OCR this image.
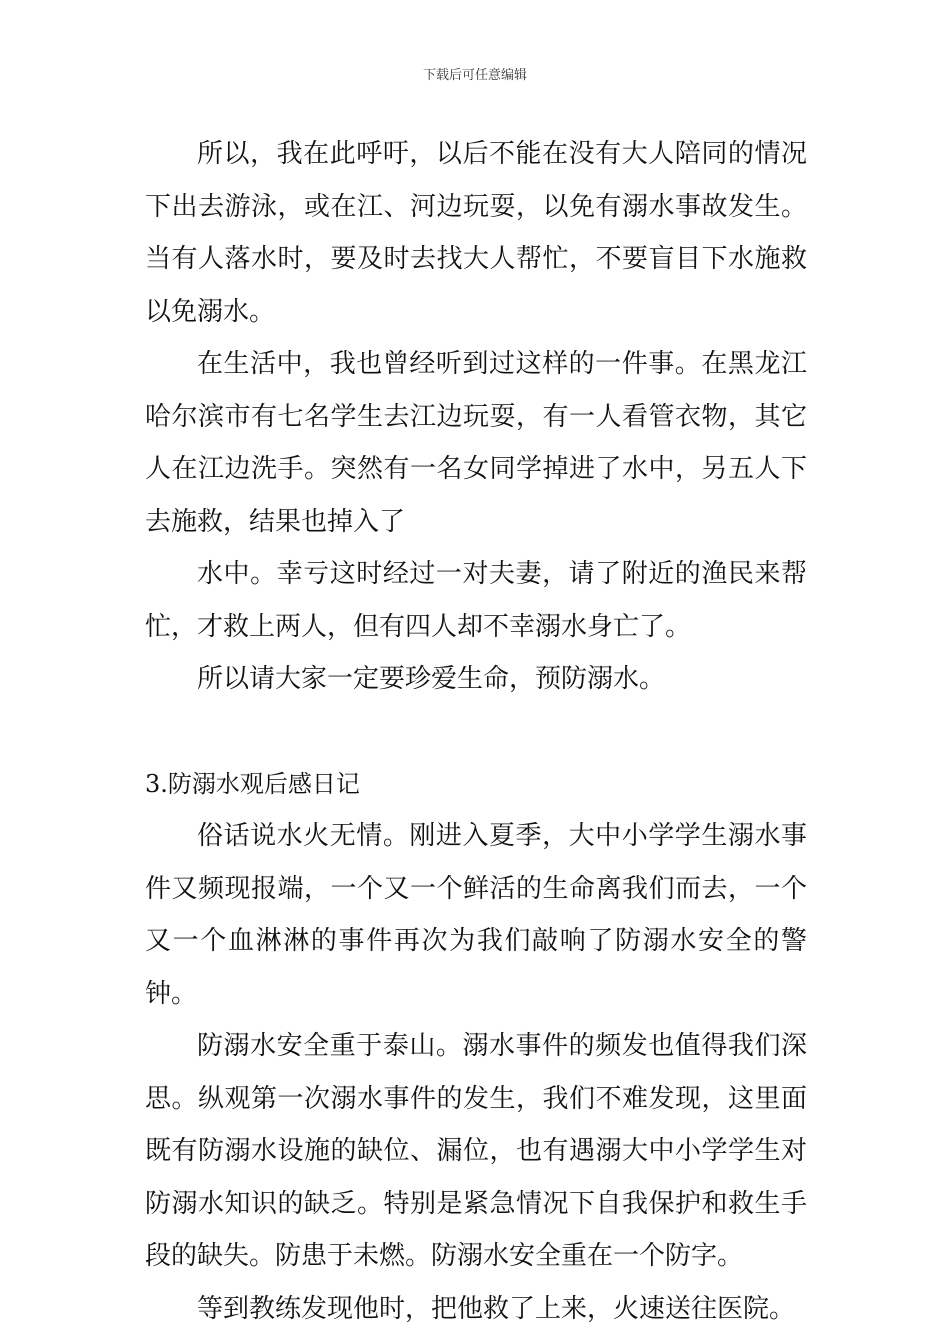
下载后可任意编辑

所以，我在此呼吁，以后不能在没有大人陪同的情况下出去游泳，或在江、河边玩耍，以免有溺水事故发生。当有人落水时，要及时去找大人帮忙，不要盲目下水施救以免溺水。

在生活中，我也曾经听到过这样的一件事。在黑龙江哈尔滨市有七名学生去江边玩耍，有一人看管衣物，其它人在江边洗手。突然有一名女同学掉进了水中，另五人下去施救，结果也掉入了

水中。幸亏这时经过一对夫妻，请了附近的渔民来帮忙，才救上两人，但有四人却不幸溺水身亡了。

所以请大家一定要珍爱生命，预防溺水。

3.防溺水观后感日记

俗话说水火无情。刚进入夏季，大中小学学生溺水事件又频现报端，一个又一个鲜活的生命离我们而去，一个又一个血淋淋的事件再次为我们敲响了防溺水安全的警钟。

防溺水安全重于泰山。溺水事件的频发也值得我们深思。纵观第一次溺水事件的发生，我们不难发现，这里面既有防溺水设施的缺位、漏位，也有遇溺大中小学学生对防溺水知识的缺乏。特别是紧急情况下自我保护和救生手段的缺失。防患于未燃。防溺水安全重在一个防字。

等到教练发现他时，把他救了上来，火速送往医院。
